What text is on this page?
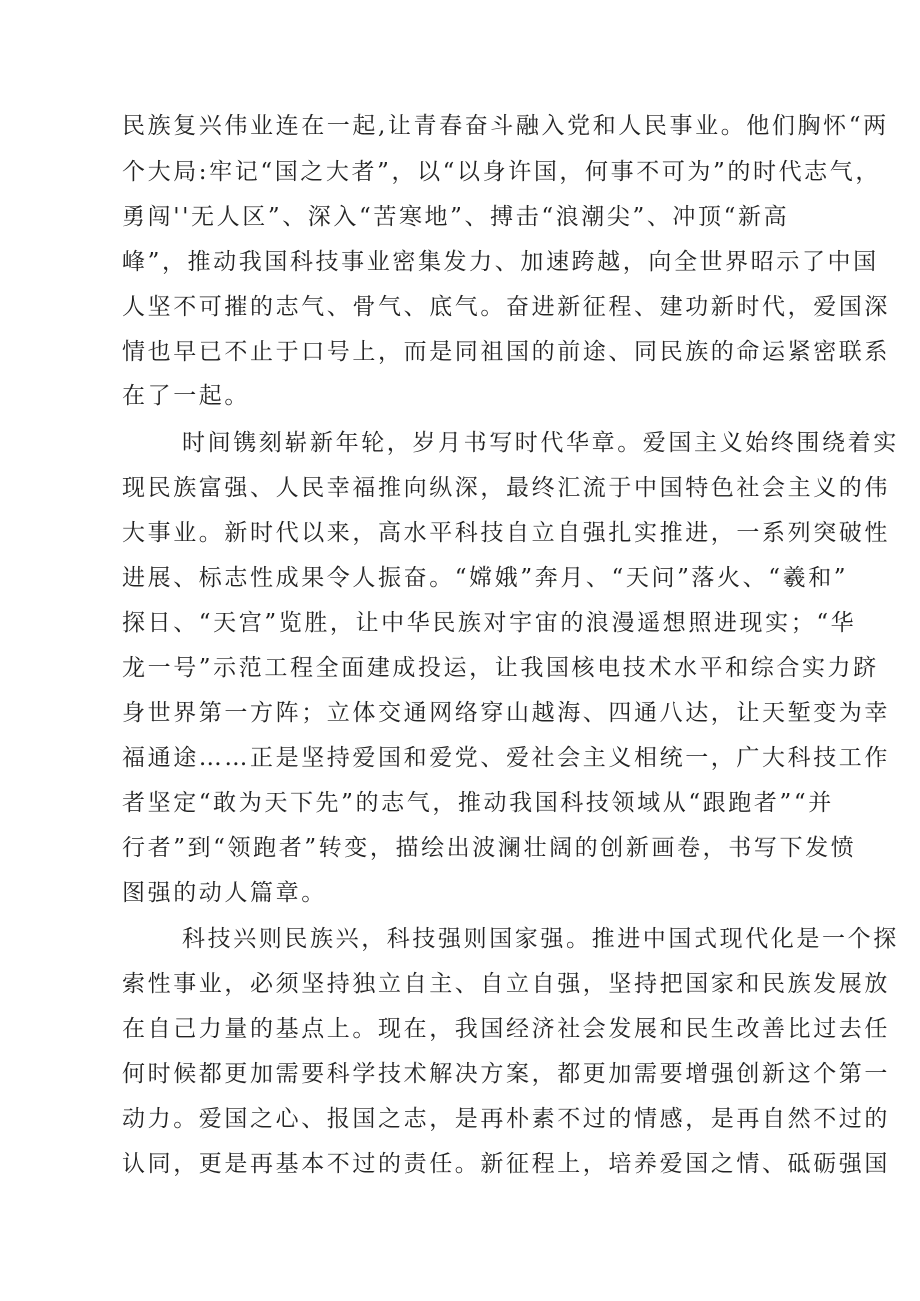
民族复兴伟业连在一起,让青春奋斗融入党和人民事业。他们胸怀“两
个大局:牢记“国之大者”，以“以身许国，何事不可为”的时代志气，
勇闯''无人区”、深入“苦寒地”、搏击“浪潮尖”、冲顶“新高
峰”，推动我国科技事业密集发力、加速跨越，向全世界昭示了中国
人坚不可摧的志气、骨气、底气。奋进新征程、建功新时代，爱国深
情也早已不止于口号上，而是同祖国的前途、同民族的命运紧密联系
在了一起。
时间镌刻崭新年轮，岁月书写时代华章。爱国主义始终围绕着实
现民族富强、人民幸福推向纵深，最终汇流于中国特色社会主义的伟
大事业。新时代以来，高水平科技自立自强扎实推进，一系列突破性
进展、标志性成果令人振奋。“嫦娥”奔月、“天问”落火、“羲和”
探日、“天宫”览胜，让中华民族对宇宙的浪漫遥想照进现实；“华
龙一号”示范工程全面建成投运，让我国核电技术水平和综合实力跻
身世界第一方阵；立体交通网络穿山越海、四通八达，让天堑变为幸
福通途……正是坚持爱国和爱党、爱社会主义相统一，广大科技工作
者坚定“敢为天下先”的志气，推动我国科技领域从“跟跑者”“并
行者”到“领跑者”转变，描绘出波澜壮阔的创新画卷，书写下发愤
图强的动人篇章。
科技兴则民族兴，科技强则国家强。推进中国式现代化是一个探
索性事业，必须坚持独立自主、自立自强，坚持把国家和民族发展放
在自己力量的基点上。现在，我国经济社会发展和民生改善比过去任
何时候都更加需要科学技术解决方案，都更加需要增强创新这个第一
动力。爱国之心、报国之志，是再朴素不过的情感，是再自然不过的
认同，更是再基本不过的责任。新征程上，培养爱国之情、砥砺强国
